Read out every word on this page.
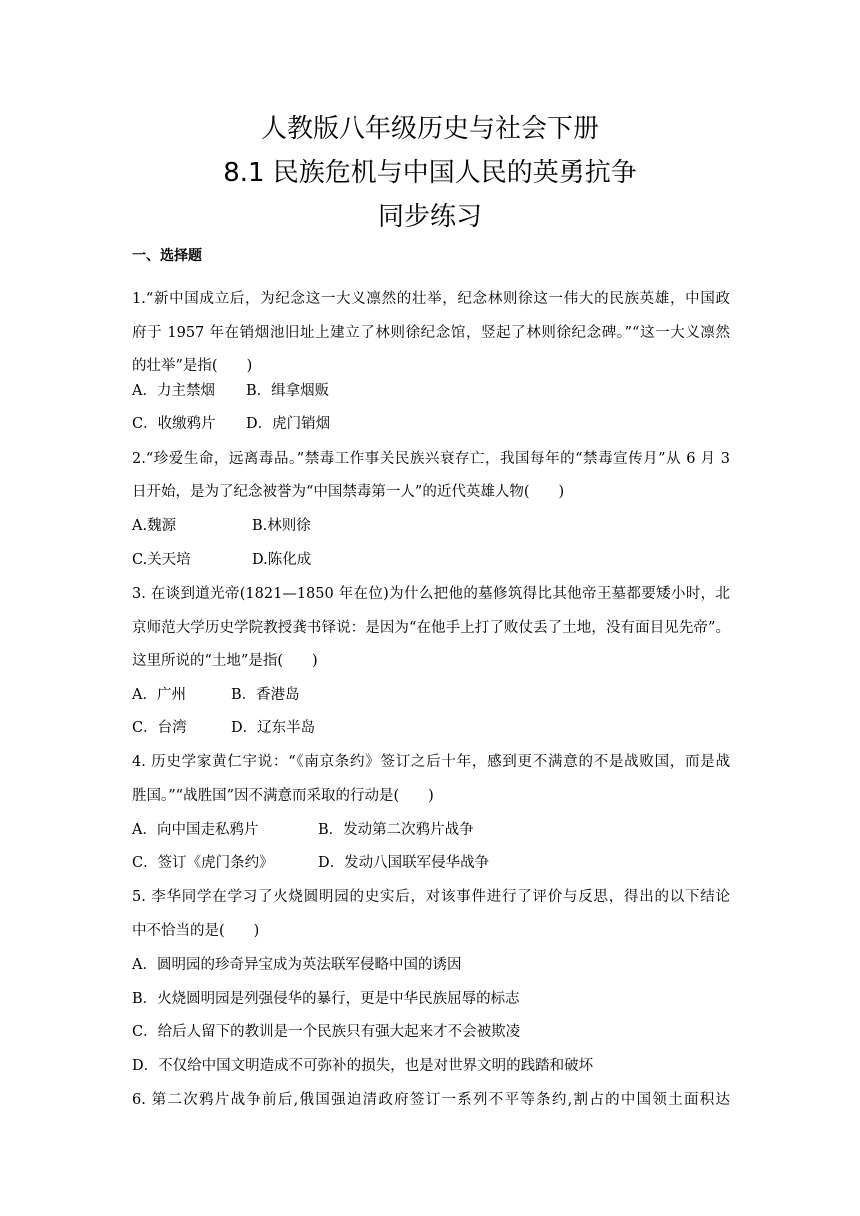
人教版八年级历史与社会下册
8.1 民族危机与中国人民的英勇抗争
同步练习
一、选择题
1.“新中国成立后，为纪念这一大义凛然的壮举，纪念林则徐这一伟大的民族英雄，中国政
府于 1957 年在销烟池旧址上建立了林则徐纪念馆，竖起了林则徐纪念碑。”“这一大义凛然
的壮举”是指(　　)
A．力主禁烟 B．缉拿烟贩
C．收缴鸦片 D．虎门销烟
2.“珍爱生命，远离毒品。”禁毒工作事关民族兴衰存亡，我国每年的“禁毒宣传月”从 6 月 3
日开始，是为了纪念被誉为“中国禁毒第一人”的近代英雄人物(　　)
A.魏源	B.林则徐
C.关天培	D.陈化成
3. 在谈到道光帝(1821—1850 年在位)为什么把他的墓修筑得比其他帝王墓都要矮小时，北
京师范大学历史学院教授龚书铎说：是因为“在他手上打了败仗丢了土地，没有面目见先帝”。
这里所说的“土地”是指(　　)
A．广州	B．香港岛
C．台湾	D．辽东半岛
4. 历史学家黄仁宇说：“《南京条约》签订之后十年，感到更不满意的不是战败国，而是战
胜国。”“战胜国”因不满意而采取的行动是(　　)
A．向中国走私鸦片	B．发动第二次鸦片战争
C．签订《虎门条约》	D．发动八国联军侵华战争
5. 李华同学在学习了火烧圆明园的史实后，对该事件进行了评价与反思，得出的以下结论
中不恰当的是(　　)
A．圆明园的珍奇异宝成为英法联军侵略中国的诱因
B．火烧圆明园是列强侵华的暴行，更是中华民族屈辱的标志
C．给后人留下的教训是一个民族只有强大起来才不会被欺凌
D．不仅给中国文明造成不可弥补的损失，也是对世界文明的践踏和破坏
6. 第二次鸦片战争前后,俄国强迫清政府签订一系列不平等条约,割占的中国领土面积达
